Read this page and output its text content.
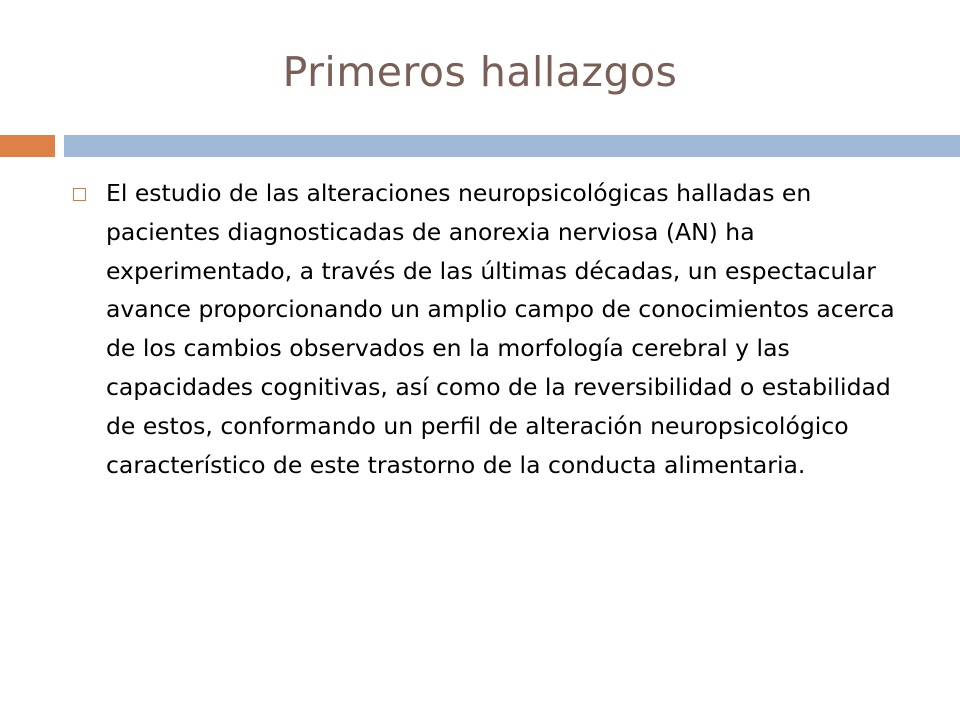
Primeros hallazgos
El estudio de las alteraciones neuropsicológicas halladas en pacientes diagnosticadas de anorexia nerviosa (AN) ha experimentado, a través de las últimas décadas, un espectacular avance proporcionando un amplio campo de conocimientos acerca de los cambios observados en la morfología cerebral y las capacidades cognitivas, así como de la reversibilidad o estabilidad de estos, conformando un perfil de alteración neuropsicológico característico de este trastorno de la conducta alimentaria.
